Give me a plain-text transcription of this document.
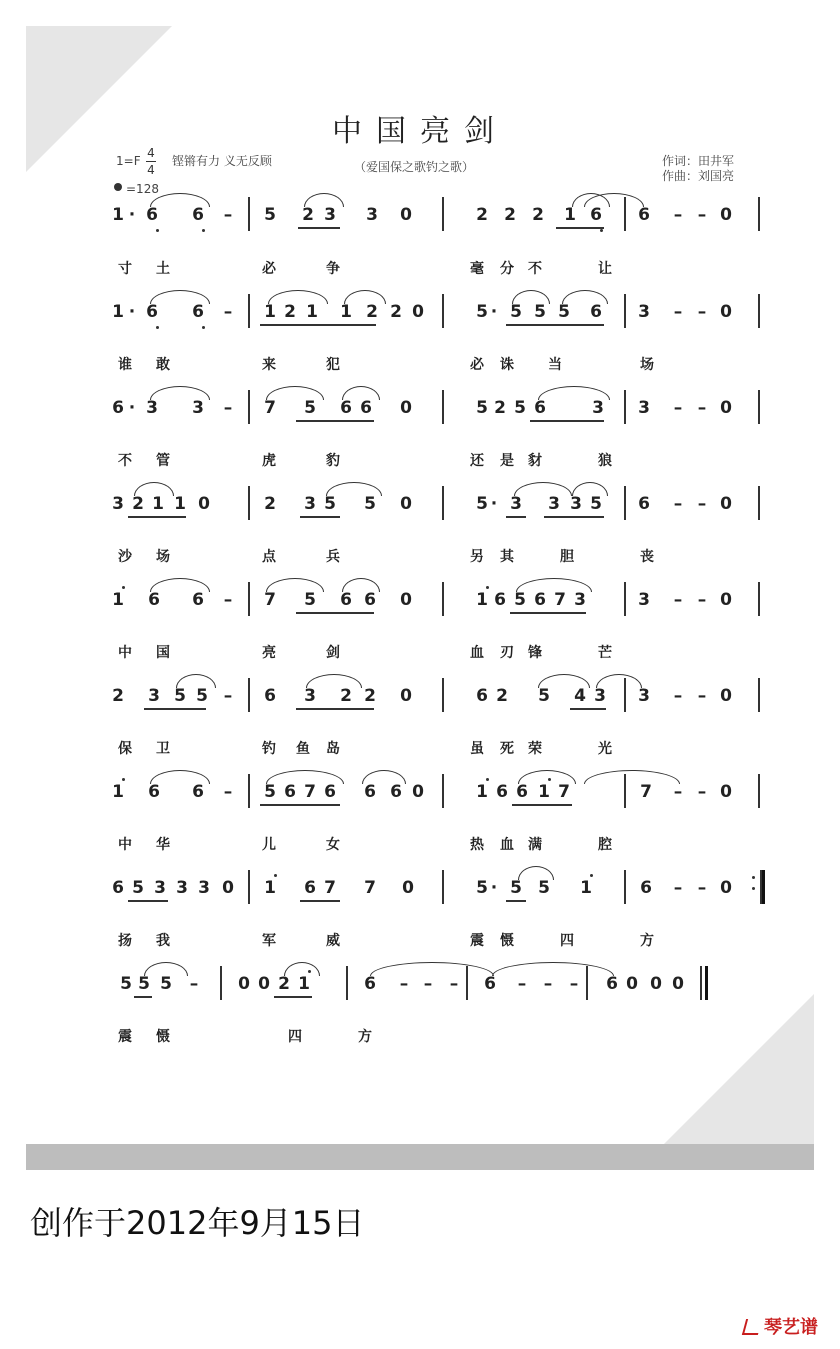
中国亮剑
1=F
4
4
铿锵有力 义无反顾	（爱国保之歌钓之歌）
=128
作词：田井军
作曲：刘国亮
1 · 6 6 – 5 2 3 3 0	2 2 2 1 6 6 – – 0
1 · 6 6 – 1 2 1 1 2 2 0	5 · 5 5 5 6 3 – – 0
6 · 3 3 – 7 5 6 6 0	5 2 5 6	3 3 – – 0
3 2 1 1 0	2 3 5 5 0	5 · 3 3 3 5 6 – – 0
1 6 6 – 7 5 6 6 0	1 6 5 6 7 3	3 – – 0
2 3 5 5 – 6 3 2 2 0	6 2 5 4 3 3 – – 0
1 6 6 – 5 6 7 6 6 6 0	1 6 6 1 7	7 – – 0
6 5 3 3 3 0 1 6 7 7 0	5 · 5 5 1	6 – – 0
5 5 5 – 0 0 2 1	6 – – – 6 – – – 6 0 0 0
寸 土	必	争	毫 分 不	让
谁 敢	来	犯	必 诛 当	场
不 管	虎	豹	还 是 豺	狼
沙 场	点	兵	另 其	胆	丧
中 国	亮	剑	血 刃 锋	芒
保 卫	钓 鱼 岛	虽 死 荣	光
中 华	儿	女	热 血 满	腔
扬 我	军	威	震 慑	四	方
震 慑	四	方
创作于2012年9月15日
琴艺谱
